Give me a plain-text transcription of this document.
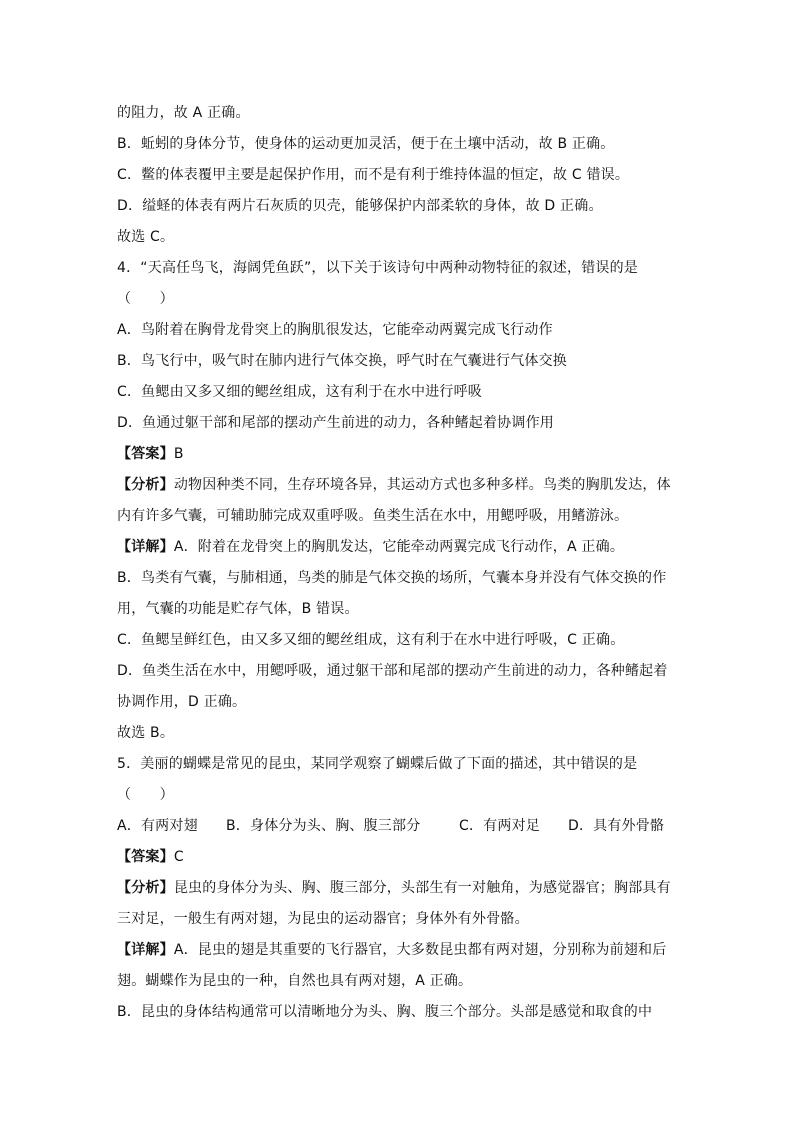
的阻力，故 A 正确。
B．蚯蚓的身体分节，使身体的运动更加灵活，便于在土壤中活动，故 B 正确。
C．鳖的体表覆甲主要是起保护作用，而不是有利于维持体温的恒定，故 C 错误。
D．缢蛏的体表有两片石灰质的贝壳，能够保护内部柔软的身体，故 D 正确。
故选 C。
4．“天高任鸟飞，海阔凭鱼跃”，以下关于该诗句中两种动物特征的叙述，错误的是
（　　）
A．鸟附着在胸骨龙骨突上的胸肌很发达，它能牵动两翼完成飞行动作
B．鸟飞行中，吸气时在肺内进行气体交换，呼气时在气囊进行气体交换
C．鱼鳃由又多又细的鳃丝组成，这有利于在水中进行呼吸
D．鱼通过躯干部和尾部的摆动产生前进的动力，各种鳍起着协调作用
【答案】B
【分析】动物因种类不同，生存环境各异，其运动方式也多种多样。鸟类的胸肌发达，体
内有许多气囊，可辅助肺完成双重呼吸。鱼类生活在水中，用鳃呼吸，用鳍游泳。
【详解】A．附着在龙骨突上的胸肌发达，它能牵动两翼完成飞行动作，A 正确。
B．鸟类有气囊，与肺相通，鸟类的肺是气体交换的场所，气囊本身并没有气体交换的作
用，气囊的功能是贮存气体，B 错误。
C．鱼鳃呈鲜红色，由又多又细的鳃丝组成，这有利于在水中进行呼吸，C 正确。
D．鱼类生活在水中，用鳃呼吸，通过躯干部和尾部的摆动产生前进的动力，各种鳍起着
协调作用，D 正确。
故选 B。
5．美丽的蝴蝶是常见的昆虫，某同学观察了蝴蝶后做了下面的描述，其中错误的是
（　　）
A．有两对翅 B．身体分为头、胸、腹三部分	C．有两对足 D．具有外骨骼
【答案】C
【分析】昆虫的身体分为头、胸、腹三部分，头部生有一对触角，为感觉器官；胸部具有
三对足，一般生有两对翅，为昆虫的运动器官；身体外有外骨骼。
【详解】A．昆虫的翅是其重要的飞行器官，大多数昆虫都有两对翅，分别称为前翅和后
翅。蝴蝶作为昆虫的一种，自然也具有两对翅，A 正确。
B．昆虫的身体结构通常可以清晰地分为头、胸、腹三个部分。头部是感觉和取食的中
